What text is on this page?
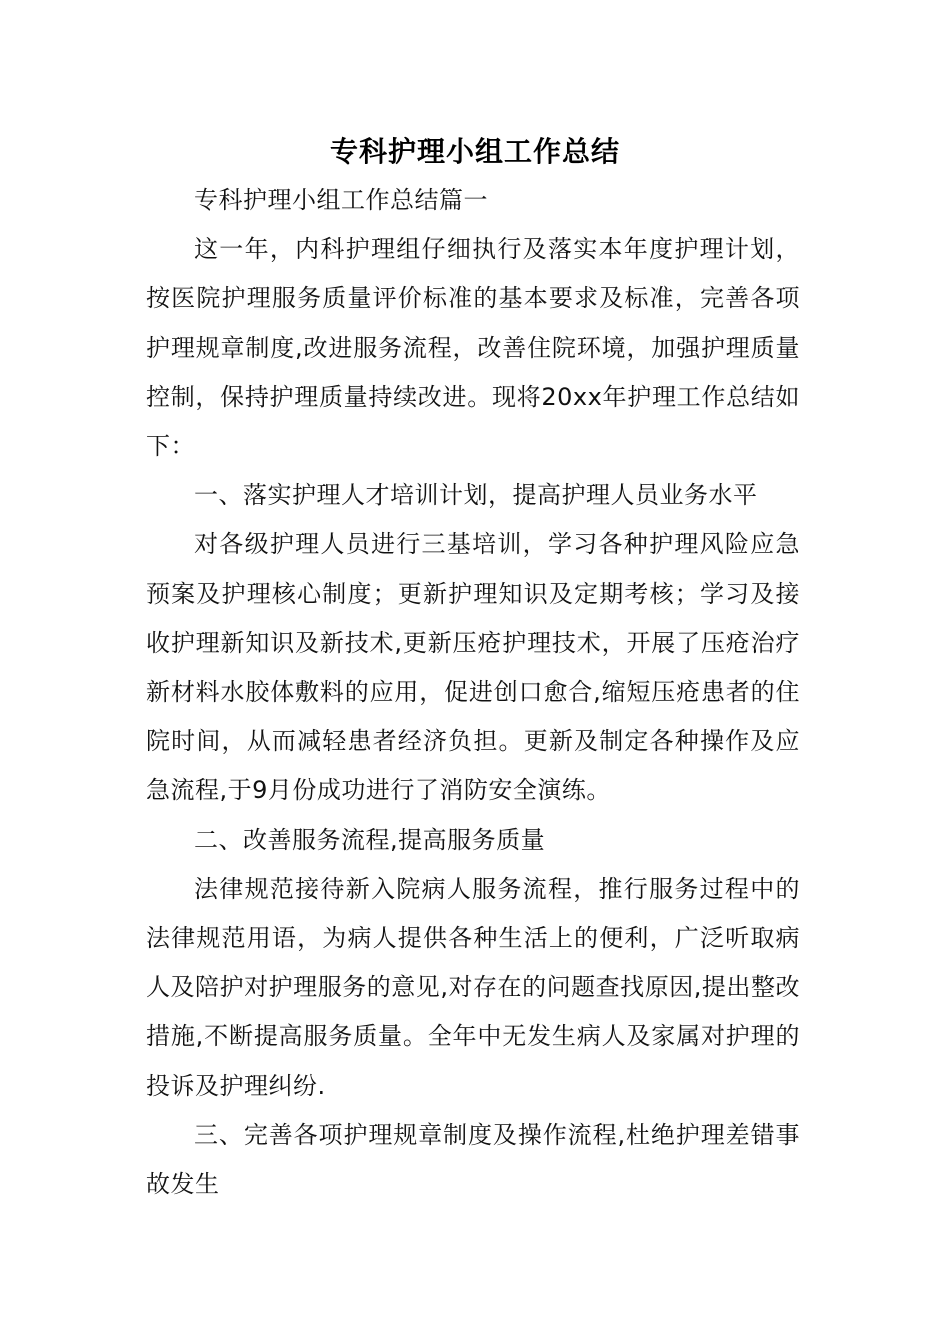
专科护理小组工作总结

专科护理小组工作总结篇一

这一年，内科护理组仔细执行及落实本年度护理计划，按医院护理服务质量评价标准的基本要求及标准，完善各项护理规章制度,改进服务流程，改善住院环境，加强护理质量控制，保持护理质量持续改进。现将20xx年护理工作总结如下：

一、落实护理人才培训计划，提高护理人员业务水平

对各级护理人员进行三基培训，学习各种护理风险应急预案及护理核心制度；更新护理知识及定期考核；学习及接收护理新知识及新技术,更新压疮护理技术，开展了压疮治疗新材料水胶体敷料的应用，促进创口愈合,缩短压疮患者的住院时间，从而减轻患者经济负担。更新及制定各种操作及应急流程,于9月份成功进行了消防安全演练。

二、改善服务流程,提高服务质量

法律规范接待新入院病人服务流程，推行服务过程中的法律规范用语，为病人提供各种生活上的便利，广泛听取病人及陪护对护理服务的意见,对存在的问题查找原因,提出整改措施,不断提高服务质量。全年中无发生病人及家属对护理的投诉及护理纠纷.

三、完善各项护理规章制度及操作流程,杜绝护理差错事故发生
